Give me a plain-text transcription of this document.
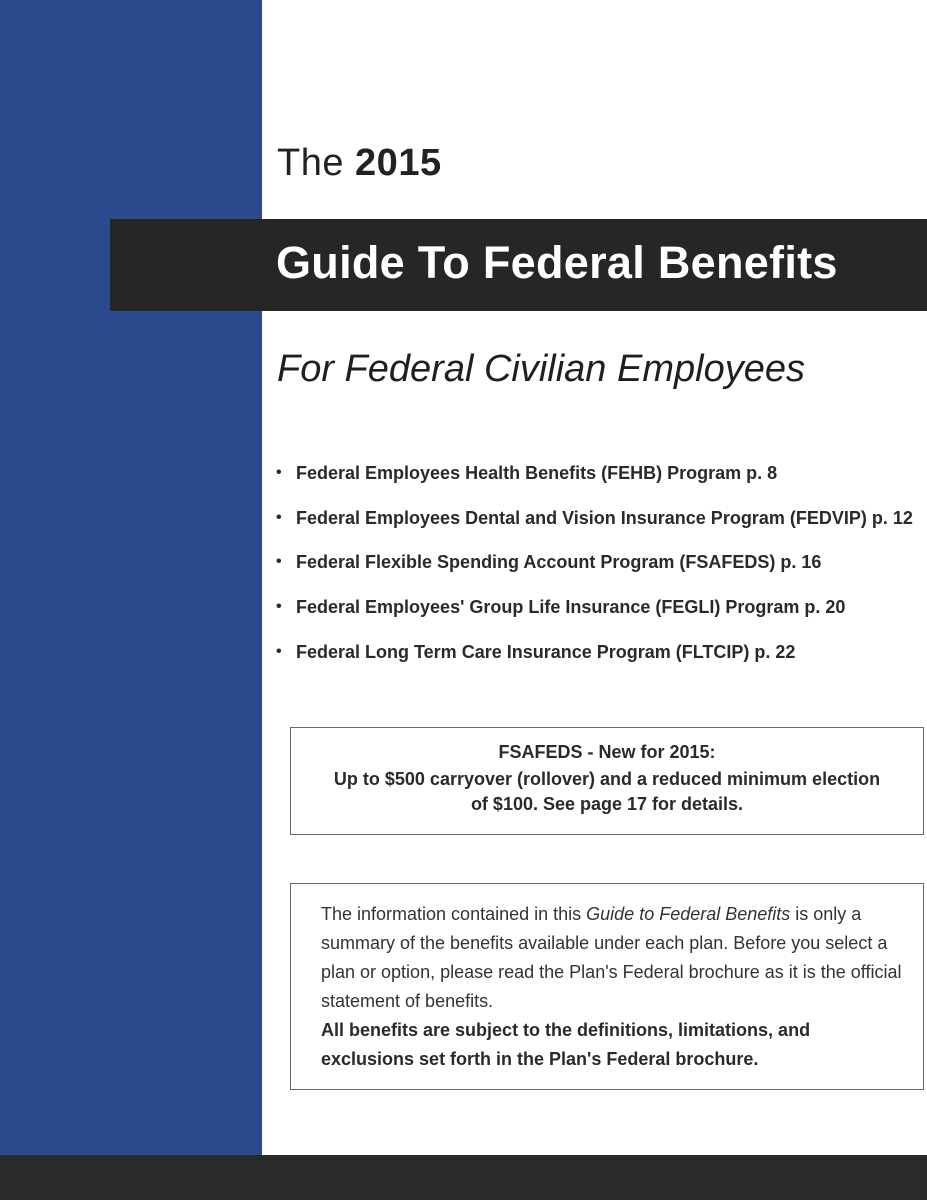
The 2015
Guide To Federal Benefits
For Federal Civilian Employees
• Federal Employees Health Benefits (FEHB) Program p. 8
• Federal Employees Dental and Vision Insurance Program (FEDVIP) p. 12
• Federal Flexible Spending Account Program (FSAFEDS) p. 16
• Federal Employees' Group Life Insurance (FEGLI) Program p. 20
• Federal Long Term Care Insurance Program (FLTCIP) p. 22
FSAFEDS - New for 2015:
Up to $500 carryover (rollover) and a reduced minimum election of $100. See page 17 for details.
The information contained in this Guide to Federal Benefits is only a summary of the benefits available under each plan. Before you select a plan or option, please read the Plan's Federal brochure as it is the official statement of benefits.
All benefits are subject to the definitions, limitations, and exclusions set forth in the Plan's Federal brochure.
